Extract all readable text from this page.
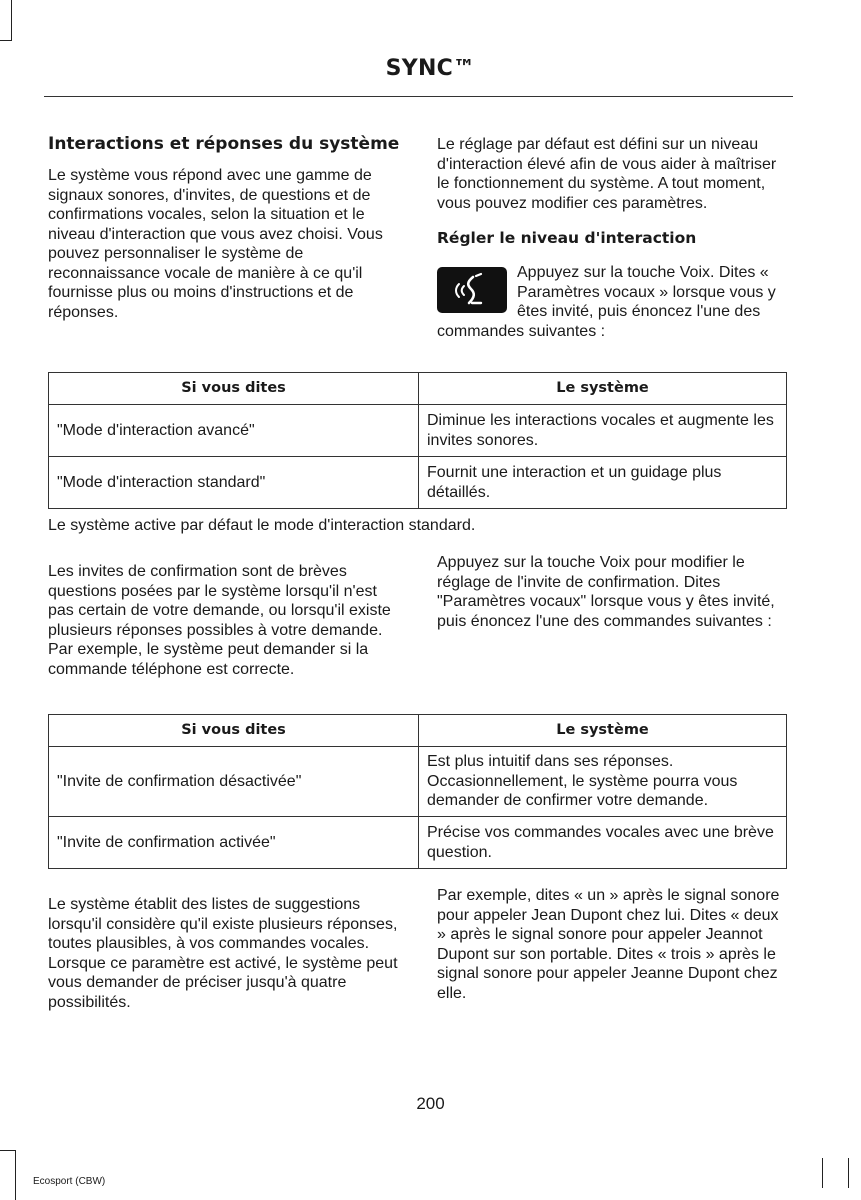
SYNC™
Interactions et réponses du système

Le système vous répond avec une gamme de signaux sonores, d'invites, de questions et de confirmations vocales, selon la situation et le niveau d'interaction que vous avez choisi. Vous pouvez personnaliser le système de reconnaissance vocale de manière à ce qu'il fournisse plus ou moins d'instructions et de réponses.

Le réglage par défaut est défini sur un niveau d'interaction élevé afin de vous aider à maîtriser le fonctionnement du système. A tout moment, vous pouvez modifier ces paramètres.

Régler le niveau d'interaction

Appuyez sur la touche Voix. Dites « Paramètres vocaux » lorsque vous y êtes invité, puis énoncez l'une des commandes suivantes :

Si vous dites	Le système
"Mode d'interaction avancé"	Diminue les interactions vocales et augmente les invites sonores.
"Mode d'interaction standard"	Fournit une interaction et un guidage plus détaillés.
Le système active par défaut le mode d'interaction standard.

Les invites de confirmation sont de brèves questions posées par le système lorsqu'il n'est pas certain de votre demande, ou lorsqu'il existe plusieurs réponses possibles à votre demande. Par exemple, le système peut demander si la commande téléphone est correcte.

Appuyez sur la touche Voix pour modifier le réglage de l'invite de confirmation. Dites "Paramètres vocaux" lorsque vous y êtes invité, puis énoncez l'une des commandes suivantes :

Si vous dites	Le système
"Invite de confirmation désactivée"	Est plus intuitif dans ses réponses. Occasionnellement, le système pourra vous demander de confirmer votre demande.
"Invite de confirmation activée"	Précise vos commandes vocales avec une brève question.

Le système établit des listes de suggestions lorsqu'il considère qu'il existe plusieurs réponses, toutes plausibles, à vos commandes vocales. Lorsque ce paramètre est activé, le système peut vous demander de préciser jusqu'à quatre possibilités.

Par exemple, dites « un » après le signal sonore pour appeler Jean Dupont chez lui. Dites « deux » après le signal sonore pour appeler Jeannot Dupont sur son portable. Dites « trois » après le signal sonore pour appeler Jeanne Dupont chez elle.

200
Ecosport (CBW)
